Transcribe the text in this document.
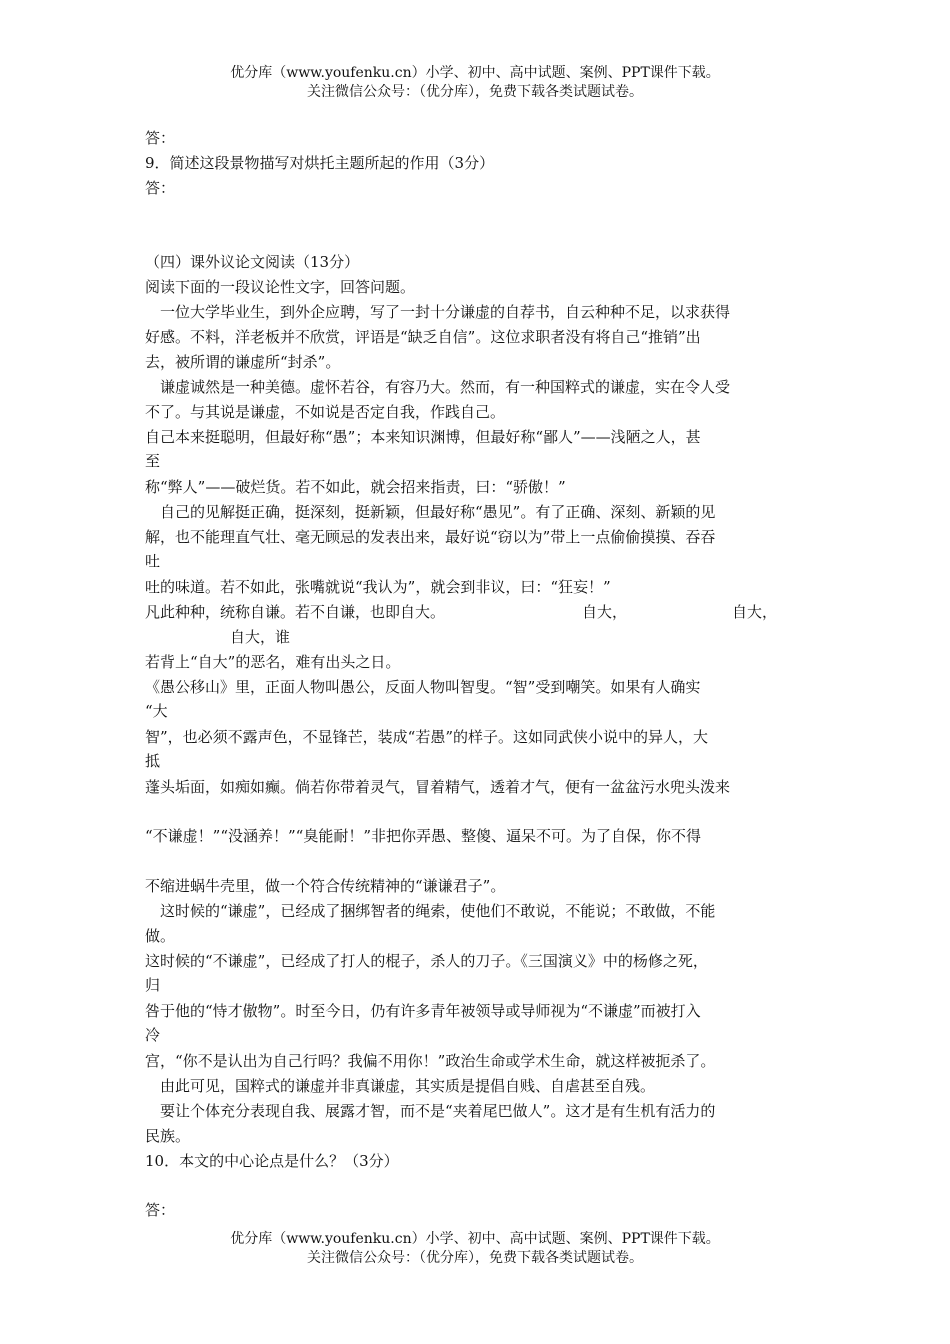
优分库（www.youfenku.cn）小学、初中、高中试题、案例、PPT课件下载。
关注微信公众号：（优分库），免费下载各类试题试卷。
答：
9．简述这段景物描写对烘托主题所起的作用（3分）
答：
（四）课外议论文阅读（13分）
阅读下面的一段议论性文字，回答问题。
　一位大学毕业生，到外企应聘，写了一封十分谦虚的自荐书，自云种种不足，以求获得
好感。不料，洋老板并不欣赏，评语是“缺乏自信”。这位求职者没有将自己“推销”出
去，被所谓的谦虚所“封杀”。
　谦虚诚然是一种美德。虚怀若谷，有容乃大。然而，有一种国粹式的谦虚，实在令人受
不了。与其说是谦虚，不如说是否定自我，作践自己。
自己本来挺聪明，但最好称“愚”；本来知识渊博，但最好称“鄙人”——浅陋之人，甚
至
称“弊人”——破烂货。若不如此，就会招来指责，曰：“骄傲！”
　自己的见解挺正确，挺深刻，挺新颖，但最好称“愚见”。有了正确、深刻、新颖的见
解，也不能理直气壮、毫无顾忌的发表出来，最好说“窃以为”带上一点偷偷摸摸、吞吞
吐
吐的味道。若不如此，张嘴就说“我认为”，就会到非议，曰：“狂妄！”
凡此种种，统称自谦。若不自谦，也即自大。	自大，	自大，
自大，谁
若背上“自大”的恶名，难有出头之日。
《愚公移山》里，正面人物叫愚公，反面人物叫智叟。“智”受到嘲笑。如果有人确实
“大
智”，也必须不露声色，不显锋芒，装成“若愚”的样子。这如同武侠小说中的异人，大
抵
蓬头垢面，如痴如癫。倘若你带着灵气，冒着精气，透着才气，便有一盆盆污水兜头泼来
“不谦虚！”“没涵养！”“臭能耐！”非把你弄愚、整傻、逼呆不可。为了自保，你不得
不缩进蜗牛壳里，做一个符合传统精神的“谦谦君子”。
　这时候的“谦虚”，已经成了捆绑智者的绳索，使他们不敢说，不能说；不敢做，不能
做。
这时候的“不谦虚”，已经成了打人的棍子，杀人的刀子。《三国演义》中的杨修之死，
归
咎于他的“恃才傲物”。时至今日，仍有许多青年被领导或导师视为“不谦虚”而被打入
冷
宫，“你不是认出为自己行吗？我偏不用你！”政治生命或学术生命，就这样被扼杀了。
　由此可见，国粹式的谦虚并非真谦虚，其实质是提倡自贱、自虐甚至自残。
　要让个体充分表现自我、展露才智，而不是“夹着尾巴做人”。这才是有生机有活力的
民族。
10．本文的中心论点是什么？（3分）
答：
优分库（www.youfenku.cn）小学、初中、高中试题、案例、PPT课件下载。
关注微信公众号：（优分库），免费下载各类试题试卷。
